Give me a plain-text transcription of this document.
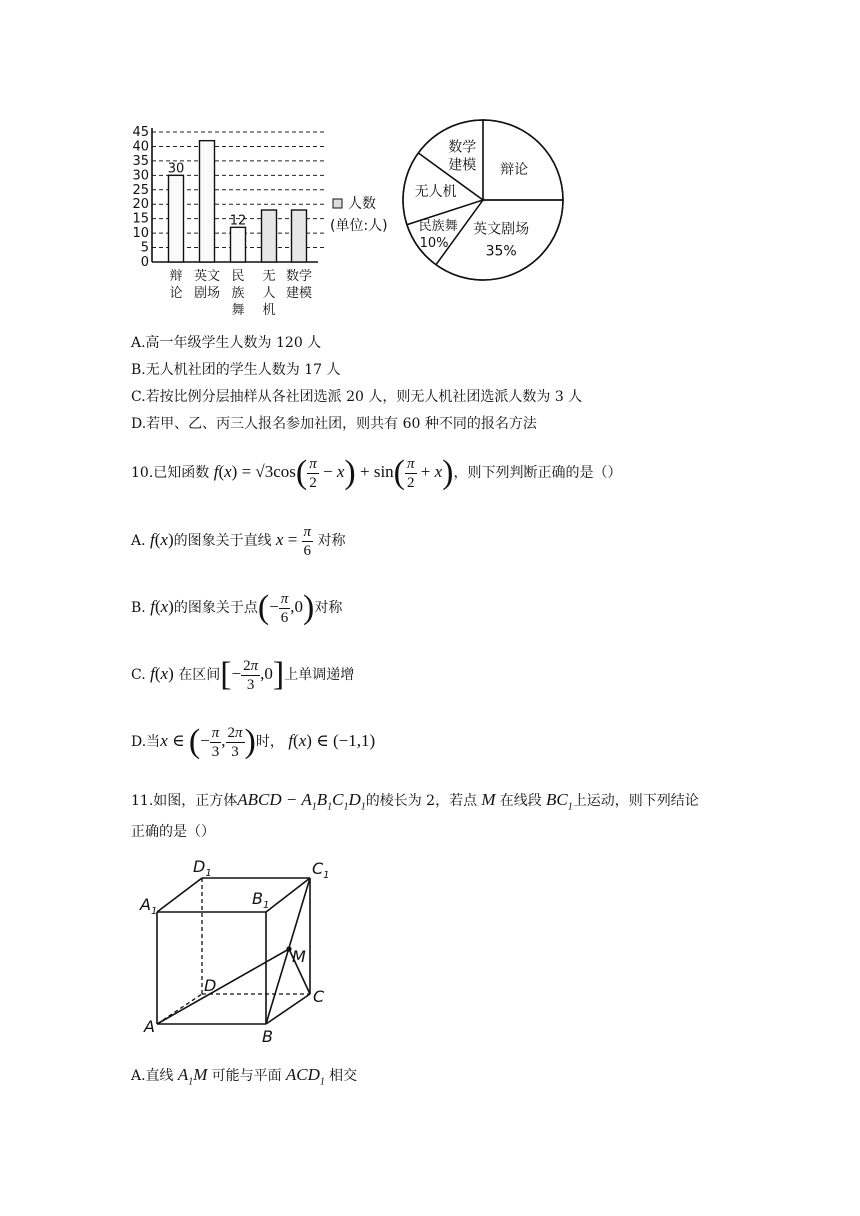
45
40
35
30
25
20
15
10
5
0
30
辩
论
英文
剧场
12
民
族
舞
无
人
机
数学
建模
人数
(单位:人)
辩论
英文剧场
35%
民族舞
10%
无人机
数学
建模
A.高一年级学生人数为 120 人
B.无人机社团的学生人数为 17 人
C.若按比例分层抽样从各社团选派 20 人，则无人机社团选派人数为 3 人
D.若甲、乙、丙三人报名参加社团，则共有 60 种不同的报名方法
10.已知函数 $f(x) = √3\cos( \frac{\pi}{2} - x) + \sin( \frac{\pi}{2} + x)$，则下列判断正确的是（）
A. f(x)的图象关于直线 $x = \frac{\pi}{6}$ 对称
B. f(x)的图象关于点(− $\frac{\pi}{6} ,0$)对称
C. f(x) 在区间[− $\frac{2\pi}{3} ,0$]上单调递增
D.当x ∈ (− $\frac{\pi}{3}$ , $\frac{2\pi}{3}$ )时， f(x) ∈ (−1,1)
11.如图，正方体ABCD − $A_1B_1C_1D_1$的棱长为 2，若点 M 在线段 $BC_1$上运动，则下列结论
正确的是（）
$D_1$	$C_1$
$A_1$
$B_1$
M
D
C
A
B
A.直线 $A_1M$ 可能与平面 $ACD_1$ 相交
